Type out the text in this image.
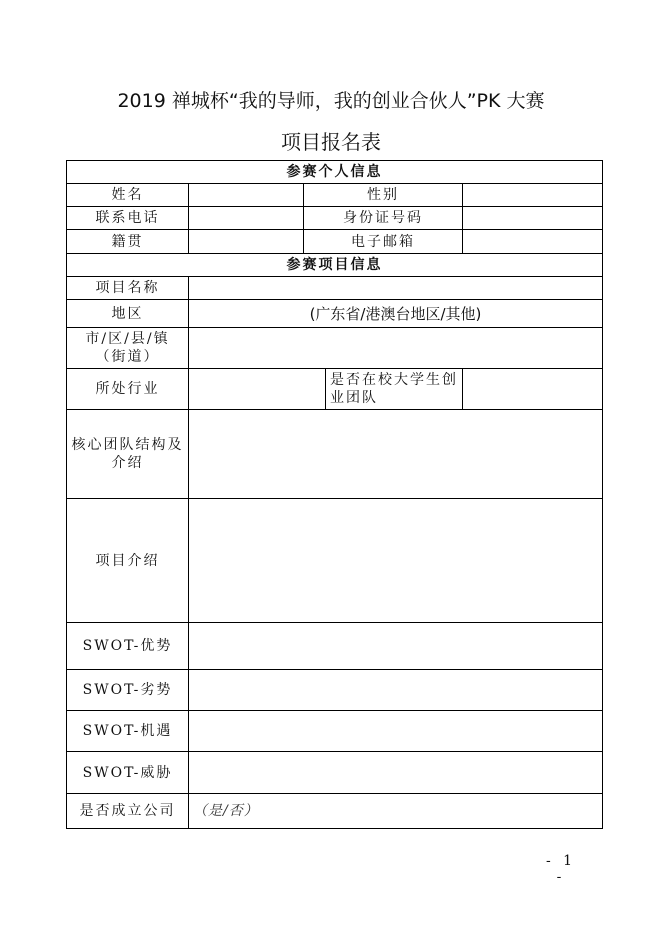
2019 禅城杯“我的导师，我的创业合伙人”PK 大赛
项目报名表
参赛个人信息				
姓名		性别		
联系电话		身份证号码		
籍贯		电子邮箱		
参赛项目信息				
项目名称				
地区	(广东省/港澳台地区/其他)			
市/区/县/镇（街道）				
所处行业			是否在校大学生创业团队	
核心团队结构及介绍				
项目介绍				
SWOT-优势				
SWOT-劣势				
SWOT-机遇				
SWOT-威胁				
是否成立公司	（是/否）			
- 1 -
